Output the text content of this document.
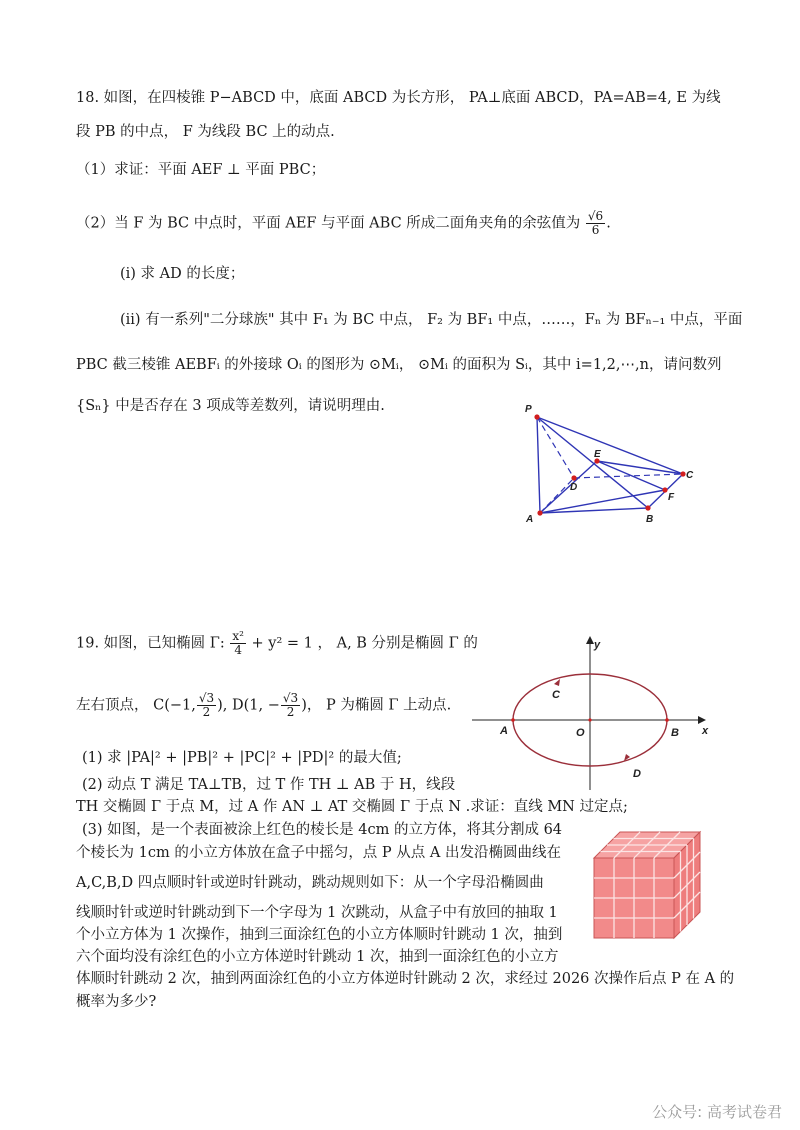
18. 如图，在四棱锥 P−ABCD 中，底面 ABCD 为长方形， PA⊥底面 ABCD，PA=AB=4, E 为线
段 PB 的中点， F 为线段 BC 上的动点.
（1）求证：平面 AEF ⊥ 平面 PBC；
（2）当 F 为 BC 中点时，平面 AEF 与平面 ABC 所成二面角夹角的余弦值为 $\frac{√6}{6}$ .
(i) 求 AD 的长度；
(ii) 有一系列"二分球族" 其中 F₁ 为 BC 中点， F₂ 为 BF₁ 中点，……，Fₙ 为 BFₙ₋₁ 中点，平面
PBC 截三棱锥 AEBFᵢ 的外接球 Oᵢ 的图形为 ⊙Mᵢ， ⊙Mᵢ 的面积为 Sᵢ，其中 i=1,2,⋯,n，请问数列
{Sₙ} 中是否存在 3 项成等差数列，请说明理由.	P
A	B
C
D
E
F
19. 如图，已知椭圆 Γ: $\frac{\text{x²}}{4} + y^2 = 1$ ， A, B 分别是椭圆 Γ 的
左右顶点， C(−1, $\frac{√3}{2}$ ), D(1, − $\frac{√3}{2}$ )， P 为椭圆 Γ 上动点.
(1) 求 |PA|² + |PB|² + |PC|² + |PD|² 的最大值;
(2) 动点 T 满足 TA⊥TB，过 T 作 TH ⊥ AB 于 H，线段
TH 交椭圆 Γ 于点 M，过 A 作 AN ⊥ AT 交椭圆 Γ 于点 N .求证：直线 MN 过定点;
(3) 如图，是一个表面被涂上红色的棱长是 4cm 的立方体，将其分割成 64
个棱长为 1cm 的小立方体放在盒子中摇匀，点 P 从点 A 出发沿椭圆曲线在
A,C,B,D 四点顺时针或逆时针跳动，跳动规则如下：从一个字母沿椭圆曲
线顺时针或逆时针跳动到下一个字母为 1 次跳动，从盒子中有放回的抽取 1
个小立方体为 1 次操作，抽到三面涂红色的小立方体顺时针跳动 1 次，抽到
六个面均没有涂红色的小立方体逆时针跳动 1 次，抽到一面涂红色的小立方
体顺时针跳动 2 次，抽到两面涂红色的小立方体逆时针跳动 2 次，求经过 2026 次操作后点 P 在 A 的
概率为多少?
y
x
A	O	B
C
D
公众号: 高考试卷君
